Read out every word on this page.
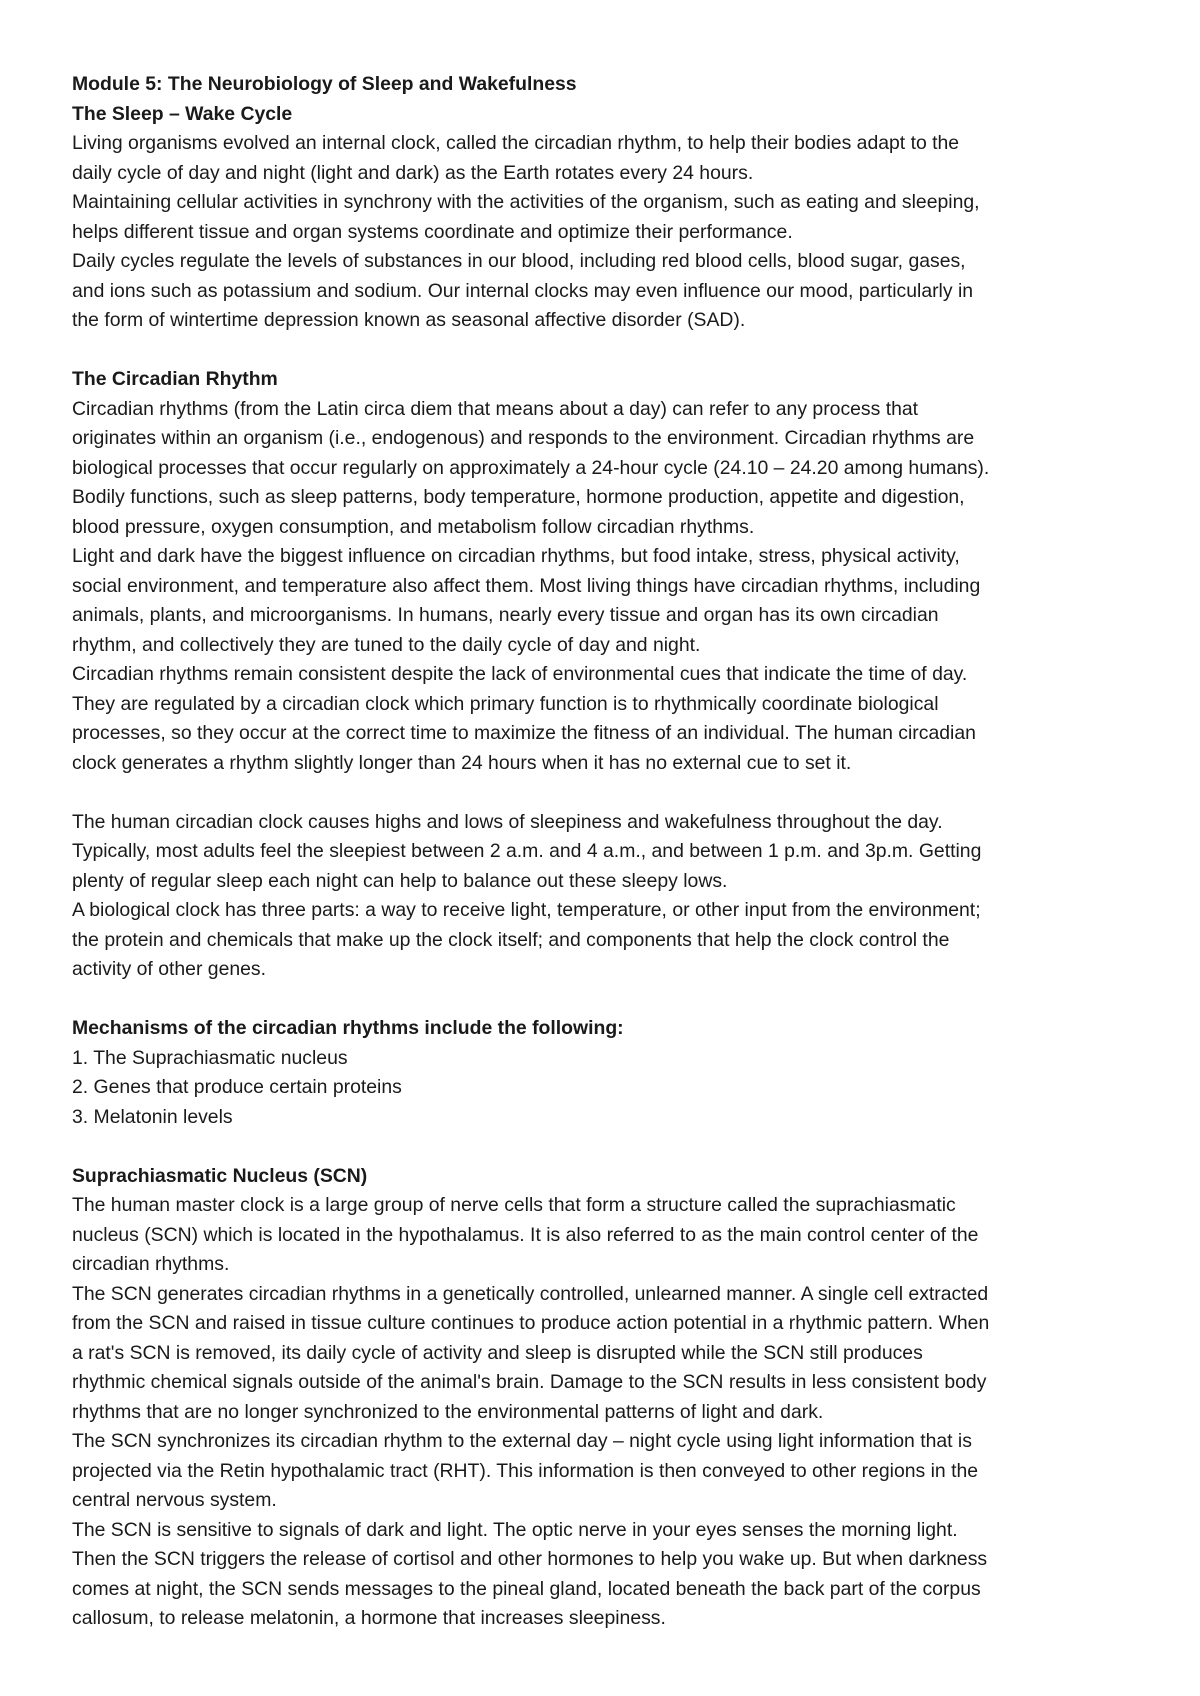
Module 5: The Neurobiology of Sleep and Wakefulness
The Sleep – Wake Cycle
Living organisms evolved an internal clock, called the circadian rhythm, to help their bodies adapt to the
daily cycle of day and night (light and dark) as the Earth rotates every 24 hours.
Maintaining cellular activities in synchrony with the activities of the organism, such as eating and sleeping,
helps different tissue and organ systems coordinate and optimize their performance.
Daily cycles regulate the levels of substances in our blood, including red blood cells, blood sugar, gases,
and ions such as potassium and sodium. Our internal clocks may even influence our mood, particularly in
the form of wintertime depression known as seasonal affective disorder (SAD).
The Circadian Rhythm
Circadian rhythms (from the Latin circa diem that means about a day) can refer to any process that
originates within an organism (i.e., endogenous) and responds to the environment. Circadian rhythms are
biological processes that occur regularly on approximately a 24-hour cycle (24.10 – 24.20 among humans).
Bodily functions, such as sleep patterns, body temperature, hormone production, appetite and digestion,
blood pressure, oxygen consumption, and metabolism follow circadian rhythms.
Light and dark have the biggest influence on circadian rhythms, but food intake, stress, physical activity,
social environment, and temperature also affect them. Most living things have circadian rhythms, including
animals, plants, and microorganisms. In humans, nearly every tissue and organ has its own circadian
rhythm, and collectively they are tuned to the daily cycle of day and night.
Circadian rhythms remain consistent despite the lack of environmental cues that indicate the time of day.
They are regulated by a circadian clock which primary function is to rhythmically coordinate biological
processes, so they occur at the correct time to maximize the fitness of an individual. The human circadian
clock generates a rhythm slightly longer than 24 hours when it has no external cue to set it.
The human circadian clock causes highs and lows of sleepiness and wakefulness throughout the day.
Typically, most adults feel the sleepiest between 2 a.m. and 4 a.m., and between 1 p.m. and 3p.m. Getting
plenty of regular sleep each night can help to balance out these sleepy lows.
A biological clock has three parts: a way to receive light, temperature, or other input from the environment;
the protein and chemicals that make up the clock itself; and components that help the clock control the
activity of other genes.
Mechanisms of the circadian rhythms include the following:
1. The Suprachiasmatic nucleus
2. Genes that produce certain proteins
3. Melatonin levels
Suprachiasmatic Nucleus (SCN)
The human master clock is a large group of nerve cells that form a structure called the suprachiasmatic
nucleus (SCN) which is located in the hypothalamus. It is also referred to as the main control center of the
circadian rhythms.
The SCN generates circadian rhythms in a genetically controlled, unlearned manner. A single cell extracted
from the SCN and raised in tissue culture continues to produce action potential in a rhythmic pattern. When
a rat's SCN is removed, its daily cycle of activity and sleep is disrupted while the SCN still produces
rhythmic chemical signals outside of the animal's brain. Damage to the SCN results in less consistent body
rhythms that are no longer synchronized to the environmental patterns of light and dark.
The SCN synchronizes its circadian rhythm to the external day – night cycle using light information that is
projected via the Retin hypothalamic tract (RHT). This information is then conveyed to other regions in the
central nervous system.
The SCN is sensitive to signals of dark and light. The optic nerve in your eyes senses the morning light.
Then the SCN triggers the release of cortisol and other hormones to help you wake up. But when darkness
comes at night, the SCN sends messages to the pineal gland, located beneath the back part of the corpus
callosum, to release melatonin, a hormone that increases sleepiness.
